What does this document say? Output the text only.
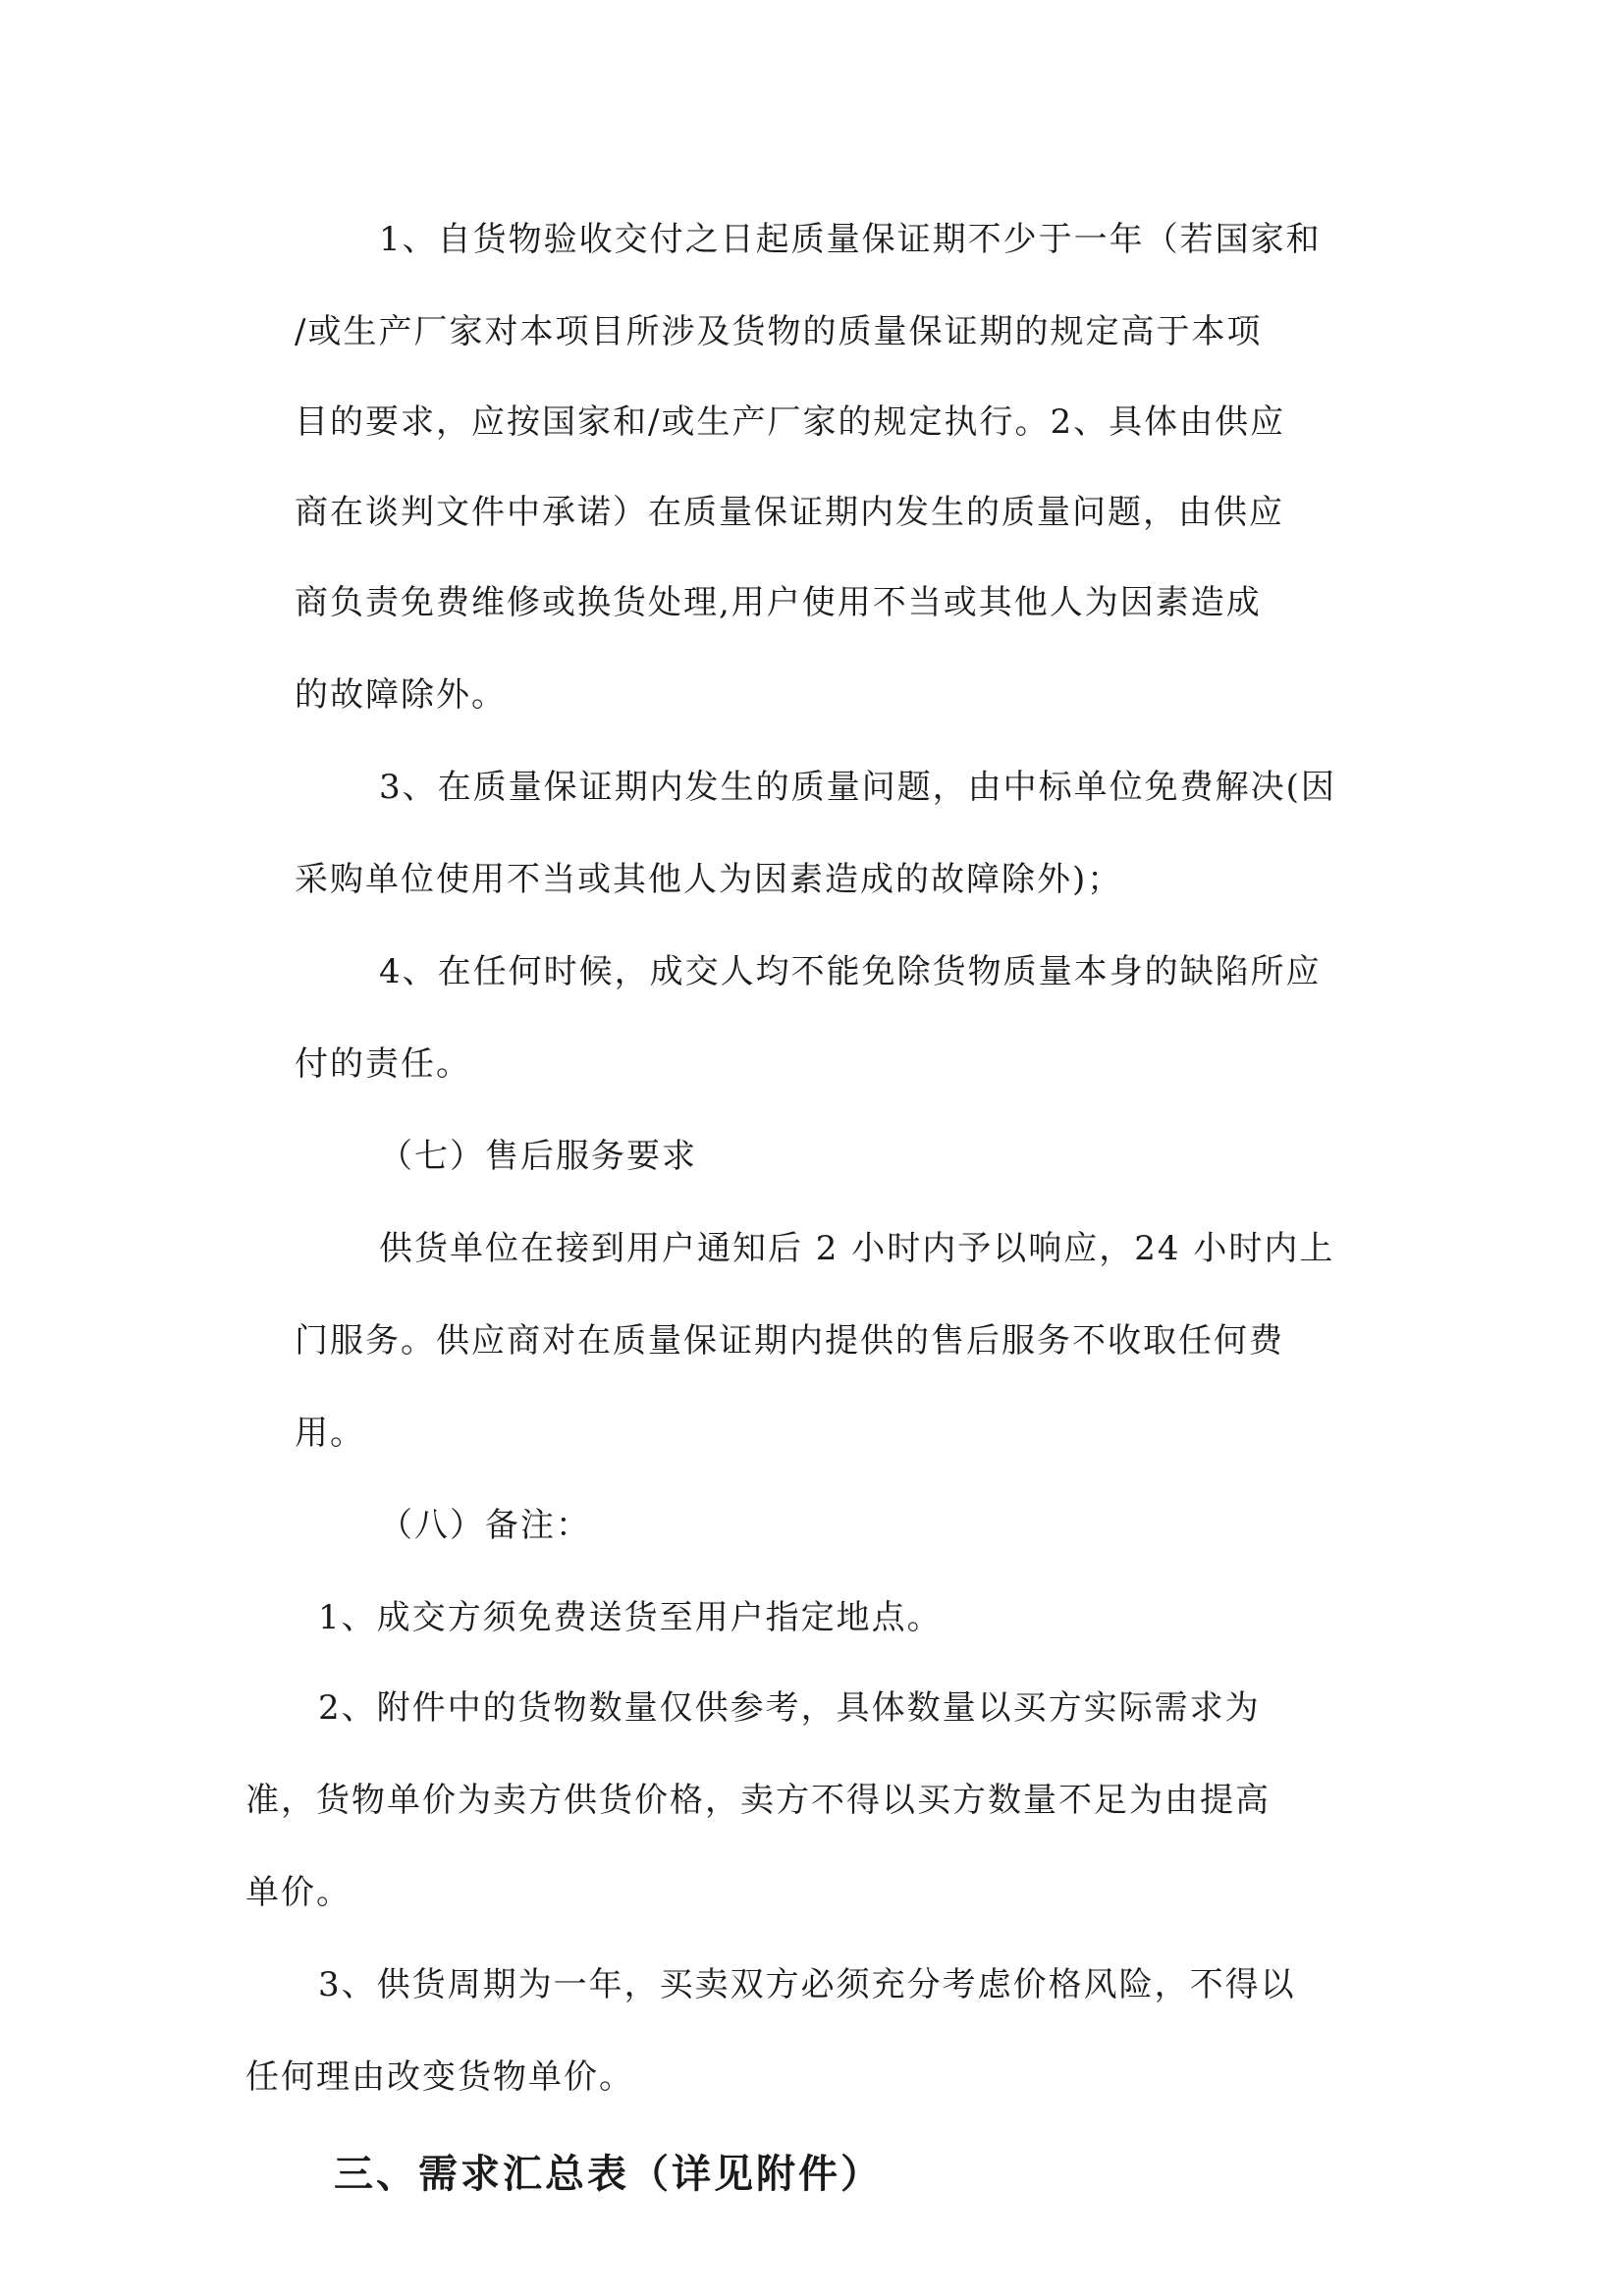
1、自货物验收交付之日起质量保证期不少于一年（若国家和
/或生产厂家对本项目所涉及货物的质量保证期的规定高于本项
目的要求，应按国家和/或生产厂家的规定执行。2、具体由供应
商在谈判文件中承诺）在质量保证期内发生的质量问题，由供应
商负责免费维修或换货处理,用户使用不当或其他人为因素造成
的故障除外。
3、在质量保证期内发生的质量问题，由中标单位免费解决(因
采购单位使用不当或其他人为因素造成的故障除外)；
4、在任何时候，成交人均不能免除货物质量本身的缺陷所应
付的责任。
（七）售后服务要求
供货单位在接到用户通知后 2 小时内予以响应，24 小时内上
门服务。供应商对在质量保证期内提供的售后服务不收取任何费
用。
（八）备注：
1、成交方须免费送货至用户指定地点。
2、附件中的货物数量仅供参考，具体数量以买方实际需求为
准，货物单价为卖方供货价格，卖方不得以买方数量不足为由提高
单价。
3、供货周期为一年，买卖双方必须充分考虑价格风险，不得以
任何理由改变货物单价。
三、需求汇总表（详见附件）
